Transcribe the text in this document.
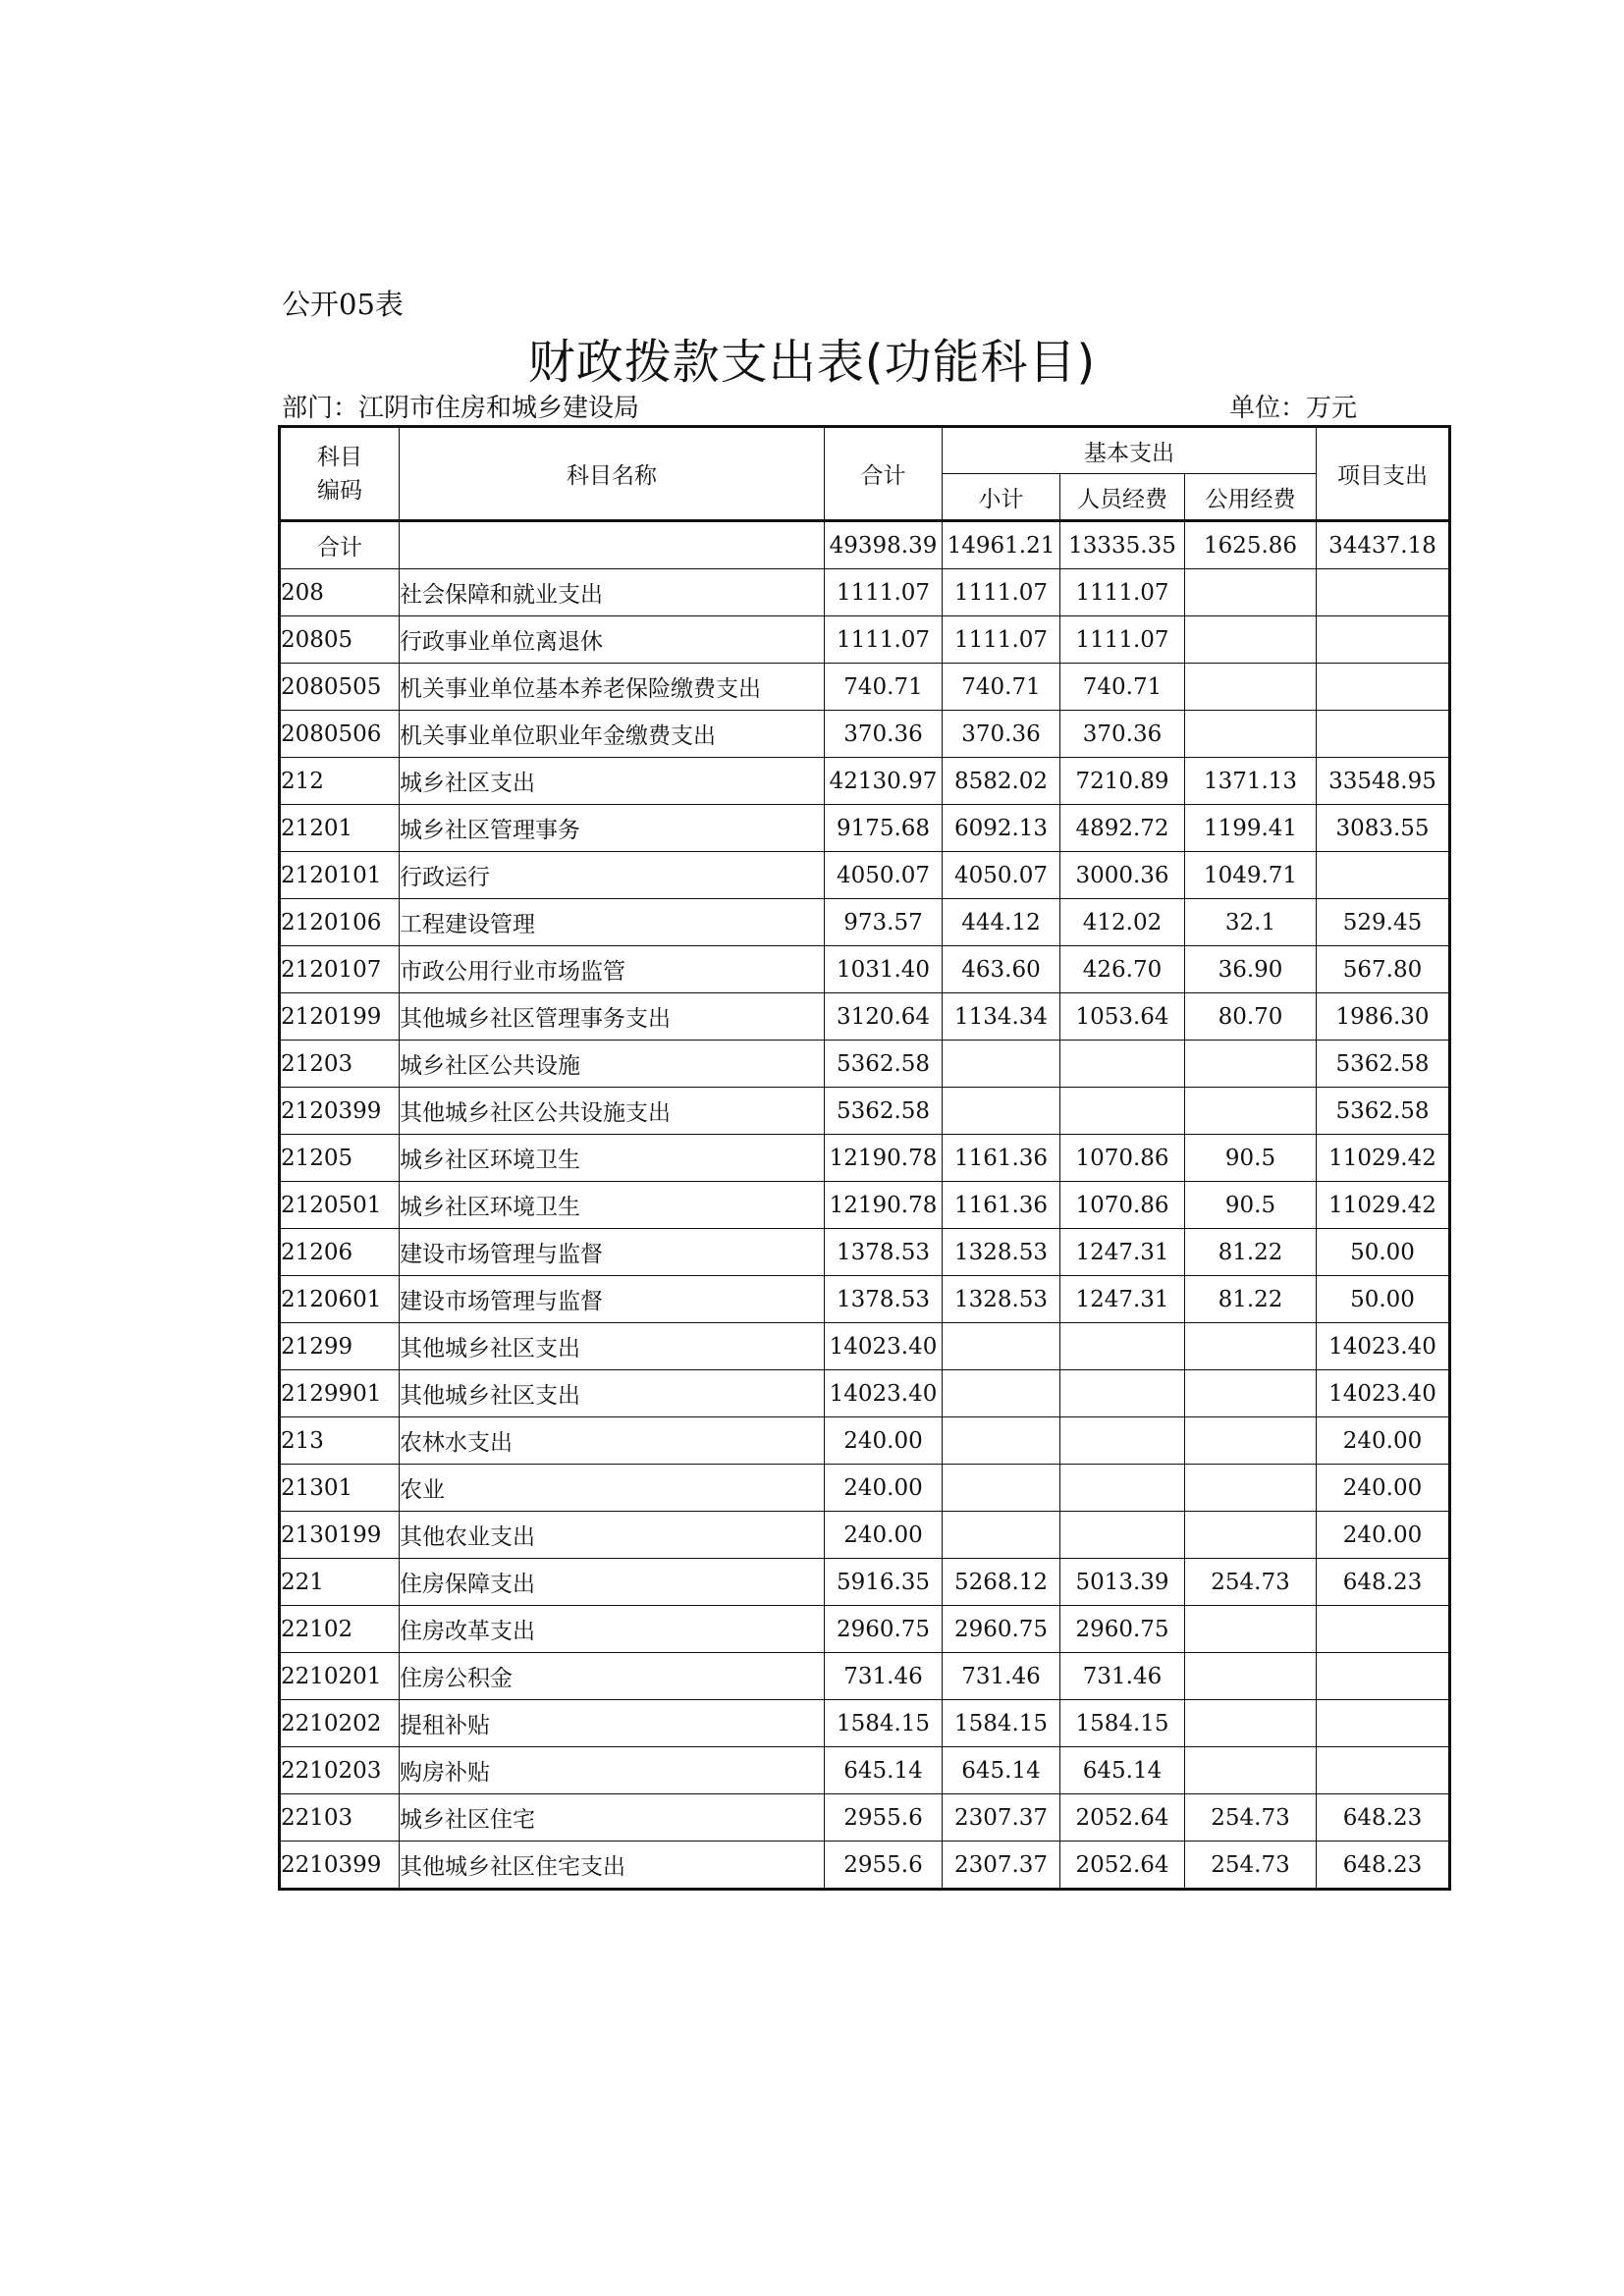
公开05表
财政拨款支出表(功能科目)
部门：江阴市住房和城乡建设局	单位：万元
科目
编码	科目名称	合计	基本支出			项目支出
			小计	人员经费	公用经费	
合计		49398.39	14961.21	13335.35	1625.86	34437.18
208	社会保障和就业支出	1111.07	1111.07	1111.07		
20805	行政事业单位离退休	1111.07	1111.07	1111.07		
2080505	机关事业单位基本养老保险缴费支出	740.71	740.71	740.71		
2080506	机关事业单位职业年金缴费支出	370.36	370.36	370.36		
212	城乡社区支出	42130.97	8582.02	7210.89	1371.13	33548.95
21201	城乡社区管理事务	9175.68	6092.13	4892.72	1199.41	3083.55
2120101	行政运行	4050.07	4050.07	3000.36	1049.71	
2120106	工程建设管理	973.57	444.12	412.02	32.1	529.45
2120107	市政公用行业市场监管	1031.40	463.60	426.70	36.90	567.80
2120199	其他城乡社区管理事务支出	3120.64	1134.34	1053.64	80.70	1986.30
21203	城乡社区公共设施	5362.58				5362.58
2120399	其他城乡社区公共设施支出	5362.58				5362.58
21205	城乡社区环境卫生	12190.78	1161.36	1070.86	90.5	11029.42
2120501	城乡社区环境卫生	12190.78	1161.36	1070.86	90.5	11029.42
21206	建设市场管理与监督	1378.53	1328.53	1247.31	81.22	50.00
2120601	建设市场管理与监督	1378.53	1328.53	1247.31	81.22	50.00
21299	其他城乡社区支出	14023.40				14023.40
2129901	其他城乡社区支出	14023.40				14023.40
213	农林水支出	240.00				240.00
21301	农业	240.00				240.00
2130199	其他农业支出	240.00				240.00
221	住房保障支出	5916.35	5268.12	5013.39	254.73	648.23
22102	住房改革支出	2960.75	2960.75	2960.75		
2210201	住房公积金	731.46	731.46	731.46		
2210202	提租补贴	1584.15	1584.15	1584.15		
2210203	购房补贴	645.14	645.14	645.14		
22103	城乡社区住宅	2955.6	2307.37	2052.64	254.73	648.23
2210399	其他城乡社区住宅支出	2955.6	2307.37	2052.64	254.73	648.23
